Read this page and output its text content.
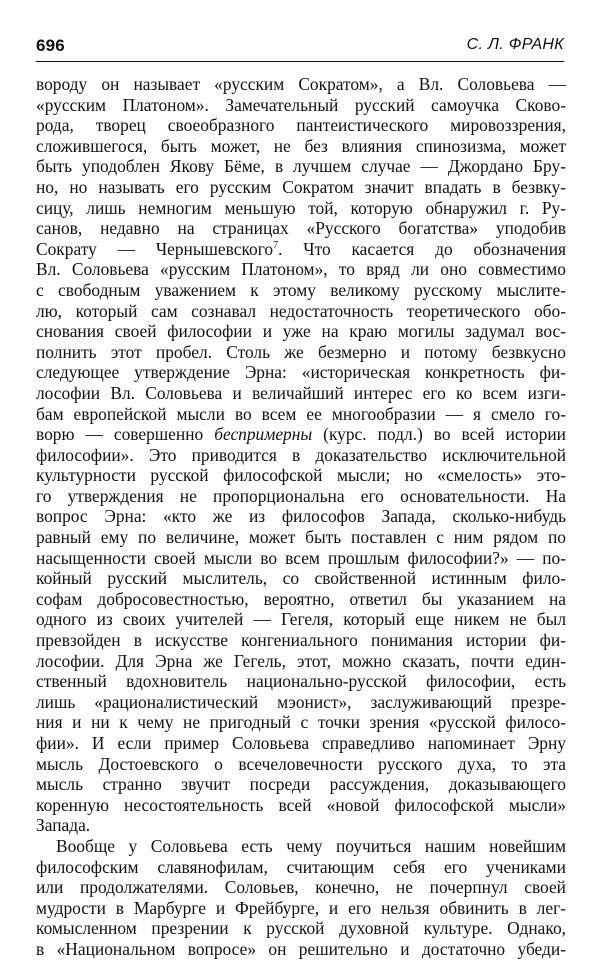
696	С. Л. ФРАНК
вороду он называет «русским Сократом», а Вл. Соловьева —
«русским Платоном». Замечательный русский самоучка Сково-
рода, творец своеобразного пантеистического мировоззрения,
сложившегося, быть может, не без влияния спинозизма, может
быть уподоблен Якову Бёме, в лучшем случае — Джордано Бру-
но, но называть его русским Сократом значит впадать в безвку-
сицу, лишь немногим меньшую той, которую обнаружил г. Ру-
санов, недавно на страницах «Русского богатства» уподобив
Сократу — Чернышевского$^7$. Что касается до обозначения
Вл. Соловьева «русским Платоном», то вряд ли оно совместимо
с свободным уважением к этому великому русскому мыслите-
лю, который сам сознавал недостаточность теоретического обо-
снования своей философии и уже на краю могилы задумал вос-
полнить этот пробел. Столь же безмерно и потому безвкусно
следующее утверждение Эрна: «историческая конкретность фи-
лософии Вл. Соловьева и величайший интерес его ко всем изги-
бам европейской мысли во всем ее многообразии — я смело го-
ворю — совершенно беспримерны (курс. подл.) во всей истории
философии». Это приводится в доказательство исключительной
культурности русской философской мысли; но «смелость» это-
го утверждения не пропорциональна его основательности. На
вопрос Эрна: «кто же из философов Запада, сколько-нибудь
равный ему по величине, может быть поставлен с ним рядом по
насыщенности своей мысли во всем прошлым философии?» — по-
койный русский мыслитель, со свойственной истинным фило-
софам добросовестностью, вероятно, ответил бы указанием на
одного из своих учителей — Гегеля, который еще никем не был
превзойден в искусстве конгениального понимания истории фи-
лософии. Для Эрна же Гегель, этот, можно сказать, почти един-
ственный вдохновитель национально-русской философии, есть
лишь «рационалистический мэонист», заслуживающий презре-
ния и ни к чему не пригодный с точки зрения «русской филосо-
фии». И если пример Соловьева справедливо напоминает Эрну
мысль Достоевского о всечеловечности русского духа, то эта
мысль странно звучит посреди рассуждения, доказывающего
коренную несостоятельность всей «новой философской мысли»
Запада.
Вообще у Соловьева есть чему поучиться нашим новейшим
философским славянофилам, считающим себя его учениками
или продолжателями. Соловьев, конечно, не почерпнул своей
мудрости в Марбурге и Фрейбурге, и его нельзя обвинить в лег-
комысленном презрении к русской духовной культуре. Однако,
в «Национальном вопросе» он решительно и достаточно убеди-
